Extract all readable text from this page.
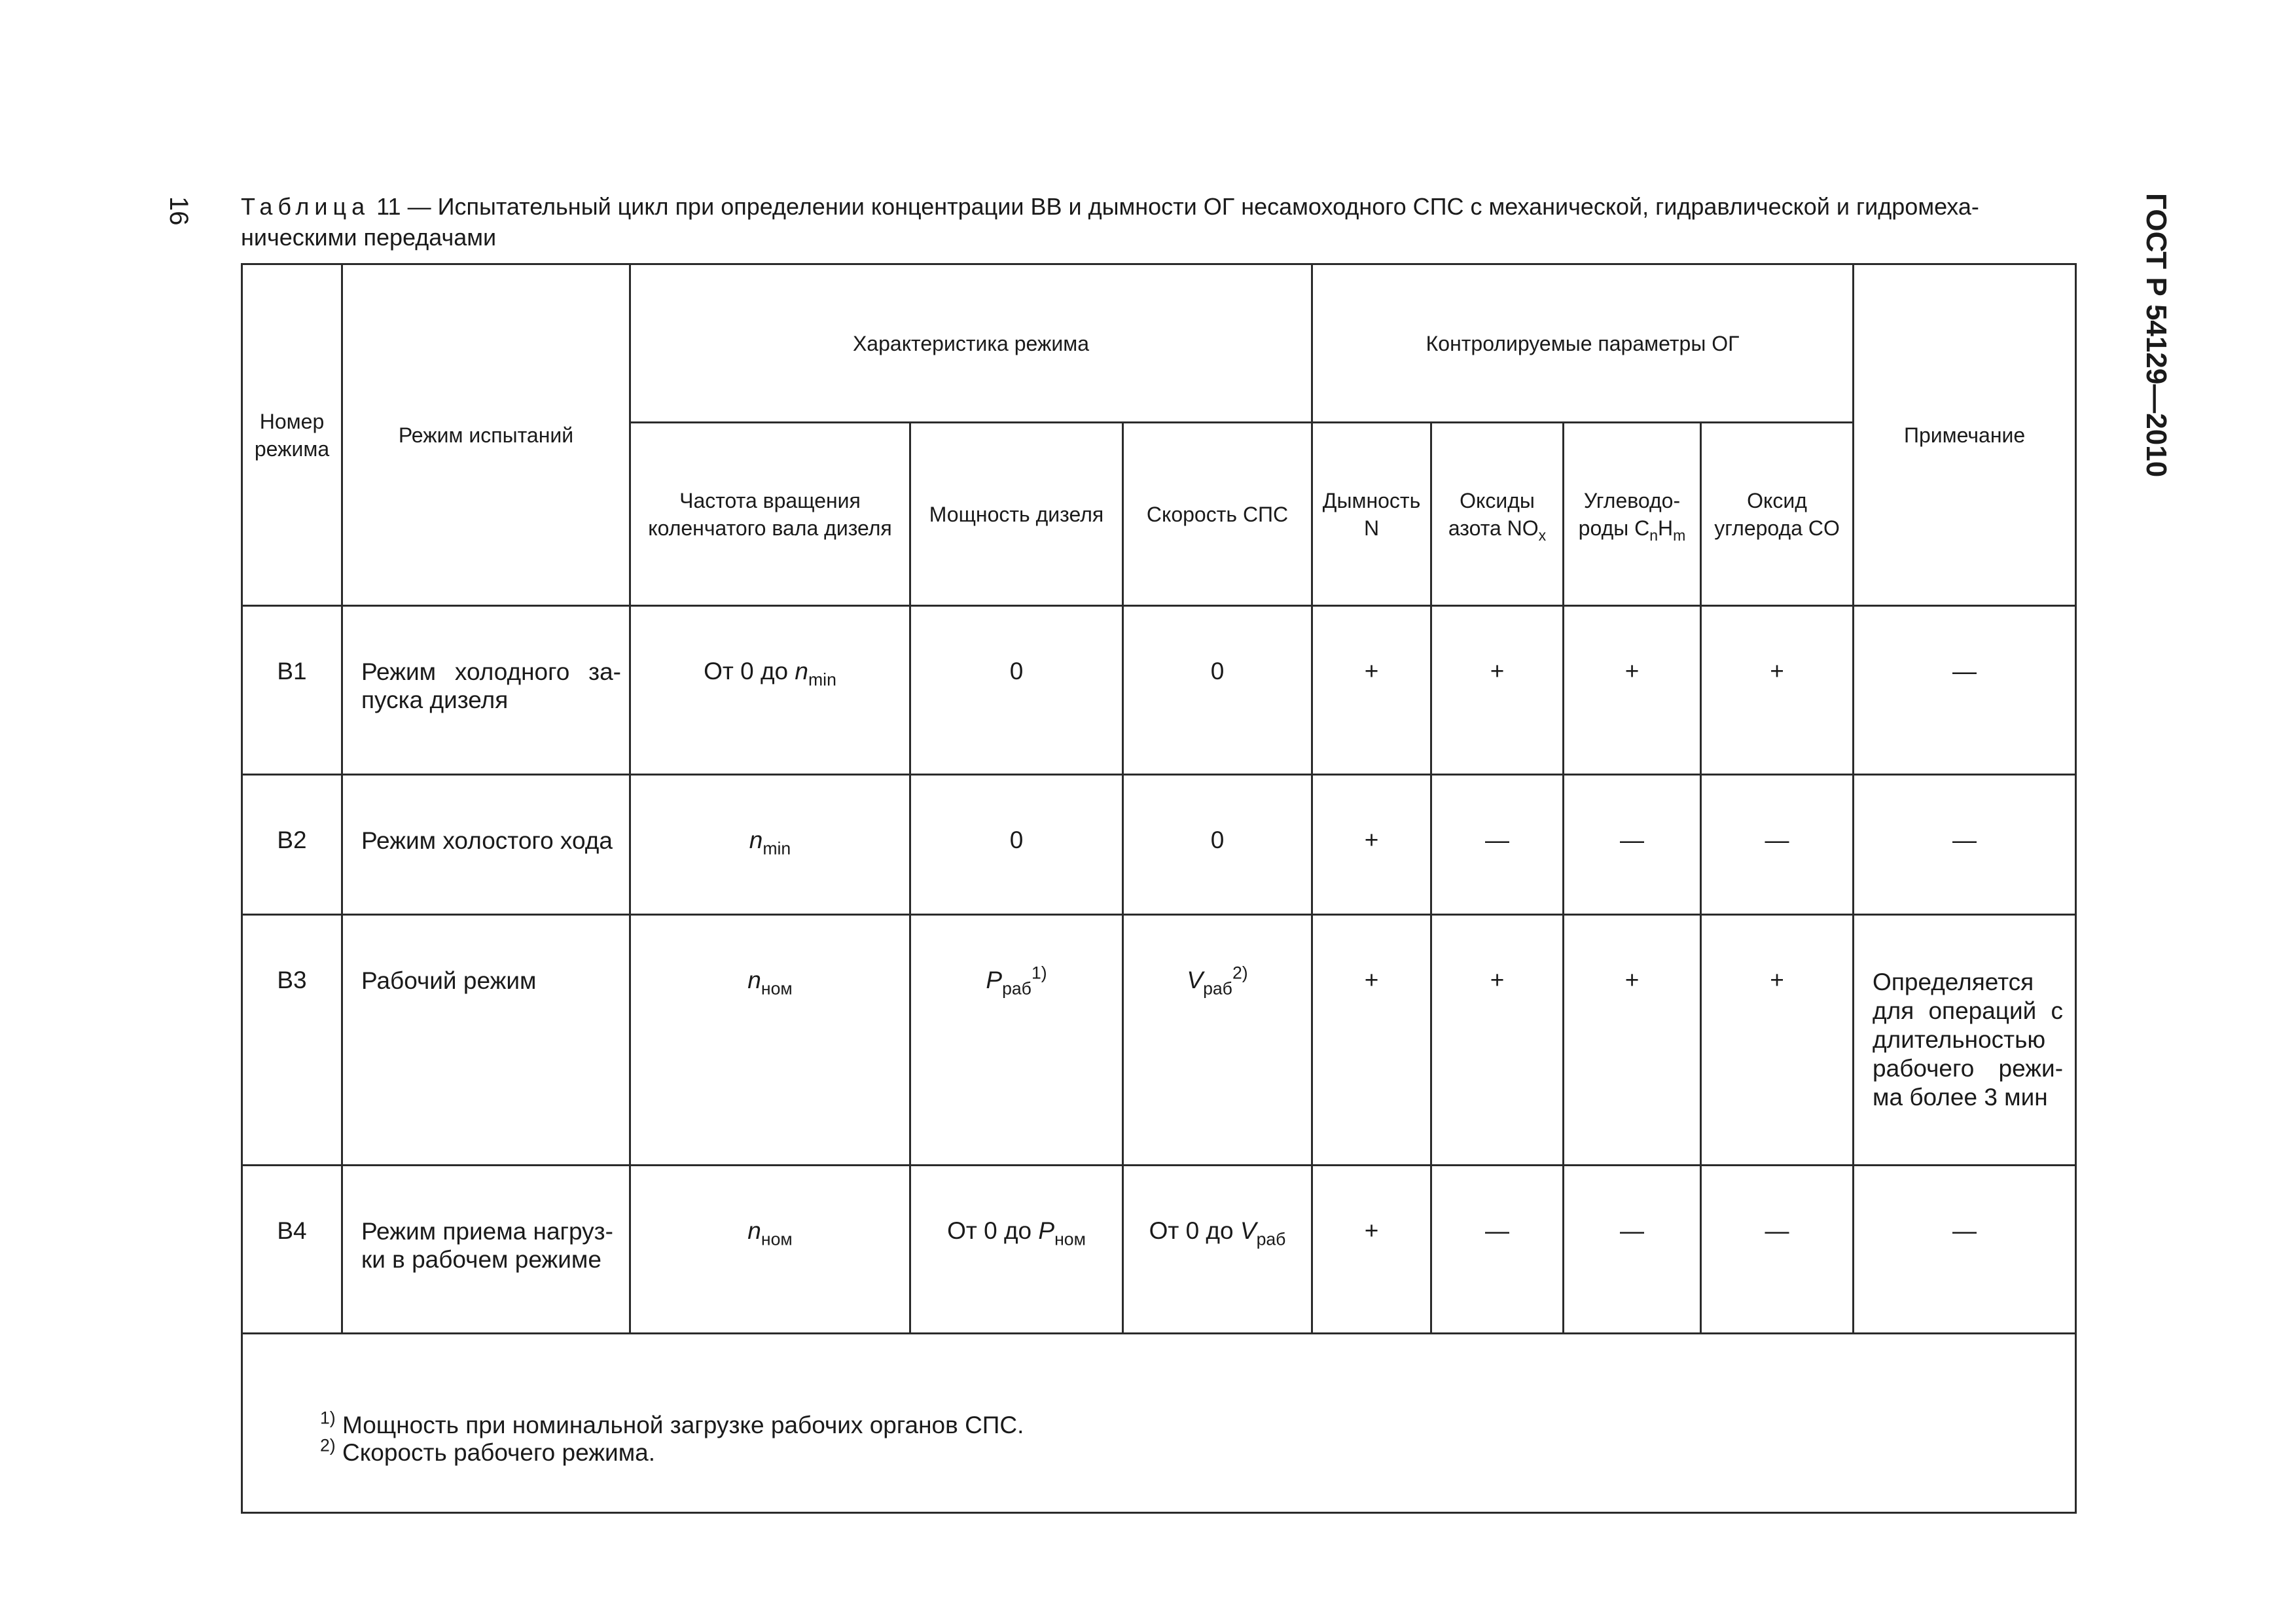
16	ГОСТ Р 54129—2010
Таблица 11 — Испытательный цикл при определении концентрации ВВ и дымности ОГ несамоходного СПС с механической, гидравлической и гидромеха-
ническими передачами
Номер режима	Режим испытаний	Характеристика режима			Контролируемые параметры ОГ				Примечание
		Частота вращения коленчатого вала дизеля	Мощность дизеля	Скорость СПС	Дымность N	Оксиды азота $NO_x$	Углеводо-роды $C_nH_m$	Оксид углерода CO	
В1	Режим холодного за-пуска дизеля	От 0 до $n_{min}$	0	0	+	+	+	+	—
В2	Режим холостого хода	$n_{min}$	0	0	+	—	—	—	—
В3	Рабочий режим	$n_{ном}$	$P_{раб}^{1)}$	$V_{раб}^{2)}$	+	+	+	+	Определяется для операций с длительностью рабочего режи-ма более 3 мин
В4	Режим приема нагруз-ки в рабочем режиме	$n_{ном}$	От 0 до $P_{ном}$	От 0 до $V_{раб}$	+	—	—	—	—

$^{1)}$ Мощность при номинальной загрузке рабочих органов СПС.
$^{2)}$ Скорость рабочего режима.									
